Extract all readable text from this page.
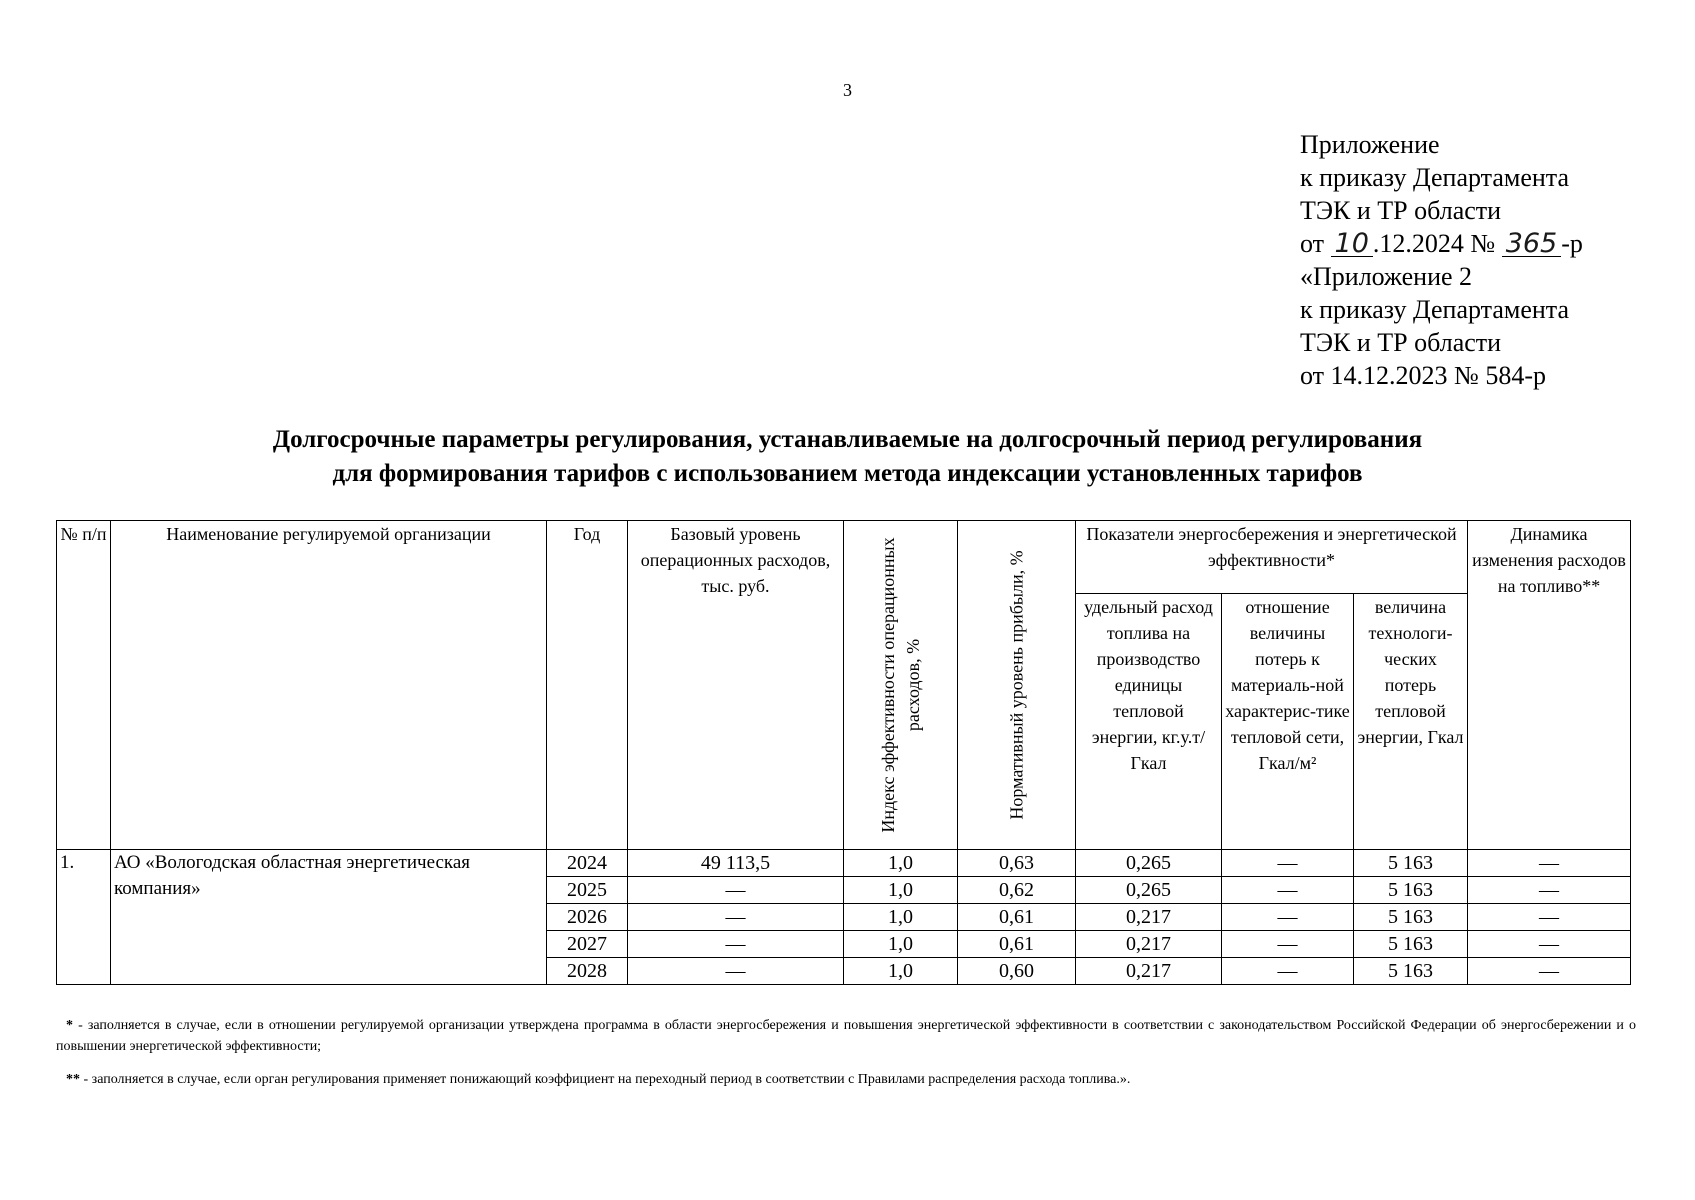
3
Приложение
к приказу Департамента
ТЭК и ТР области
от 10 .12.2024 № 365 -р
«Приложение 2
к приказу Департамента
ТЭК и ТР области
от 14.12.2023 № 584-р
Долгосрочные параметры регулирования, устанавливаемые на долгосрочный период регулирования
для формирования тарифов с использованием метода индексации установленных тарифов
№ п/п	Наименование регулируемой организации	Год	Базовый уровень операционных расходов, тыс. руб.	Индекс эффективности операционных расходов, %	Нормативный уровень прибыли, %	Показатели энергосбережения и энергетической эффективности*			Динамика изменения расходов на топливо**
						удельный расход топлива на производство единицы тепловой энергии, кг.у.т/Гкал	отношение величины потерь к материаль-ной характерис-тике тепловой сети, Гкал/м²	величина технологи-ческих потерь тепловой энергии, Гкал	
1.	АО «Вологодская областная энергетическая компания»	2024	49 113,5	1,0	0,63	0,265	—	5 163	—
		2025	—	1,0	0,62	0,265	—	5 163	—
		2026	—	1,0	0,61	0,217	—	5 163	—
		2027	—	1,0	0,61	0,217	—	5 163	—
		2028	—	1,0	0,60	0,217	—	5 163	—

* - заполняется в случае, если в отношении регулируемой организации утверждена программа в области энергосбережения и повышения энергетической эффективности в соответствии с законодательством Российской Федерации об энергосбережении и о повышении энергетической эффективности;

** - заполняется в случае, если орган регулирования применяет понижающий коэффициент на переходный период в соответствии с Правилами распределения расхода топлива.».
